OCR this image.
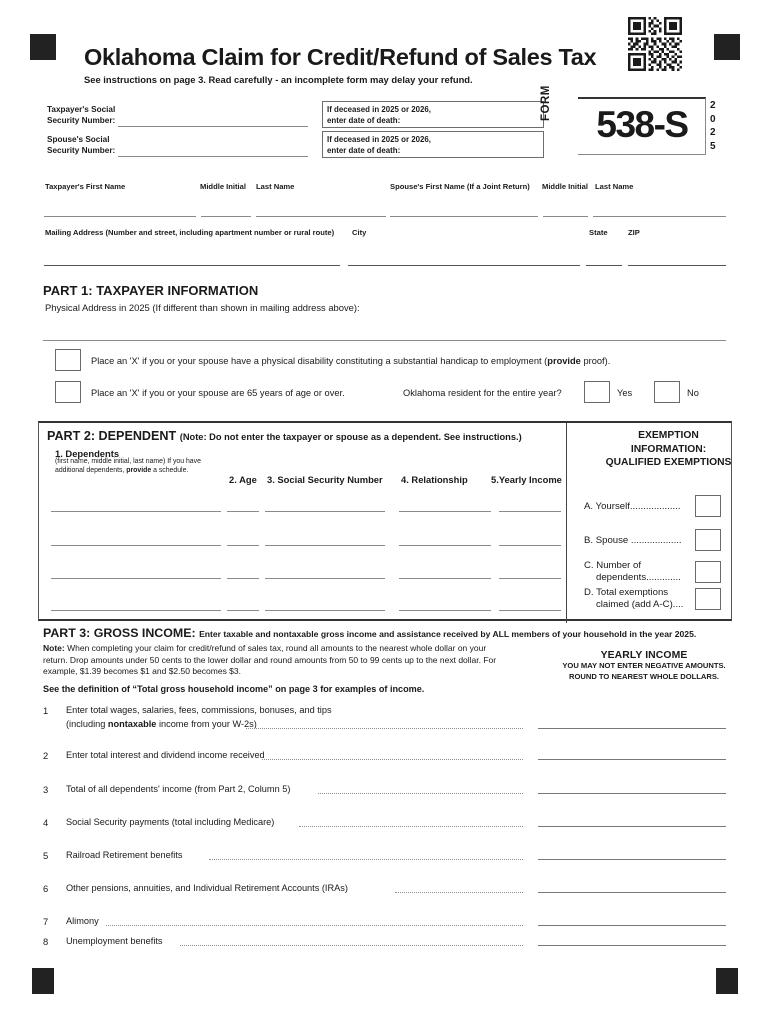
Oklahoma Claim for Credit/Refund of Sales Tax
See instructions on page 3. Read carefully - an incomplete form may delay your refund.
Taxpayer's Social
Security Number:
Spouse's Social
Security Number:
If deceased in 2025 or 2026,
enter date of death:
If deceased in 2025 or 2026,
enter date of death:
FORM
538-S	2
0
2
5
Taxpayer's First Name	Middle Initial Last Name	Spouse's First Name (If a Joint Return) Middle Initial Last Name
Mailing Address (Number and street, including apartment number or rural route) City	State	ZIP
PART 1: TAXPAYER INFORMATION
Physical Address in 2025 (If different than shown in mailing address above):
Place an 'X' if you or your spouse have a physical disability constituting a substantial handicap to employment (provide proof).
Place an 'X' if you or your spouse are 65 years of age or over.	Oklahoma resident for the entire year?	Yes	No
PART 2: DEPENDENT (Note: Do not enter the taxpayer or spouse as a dependent. See instructions.)
1. Dependents
(first name, middle initial, last name) If you have
additional dependents, provide a schedule.
2. Age 3. Social Security Number 4. Relationship 5.Yearly Income
EXEMPTION
INFORMATION:
QUALIFIED EXEMPTIONS
A. Yourself...................
B. Spouse ...................
C. Number of
dependents.............
D. Total exemptions
claimed (add A-C)....
PART 3: GROSS INCOME: Enter taxable and nontaxable gross income and assistance received by ALL members of your household in the year 2025.
Note: When completing your claim for credit/refund of sales tax, round all amounts to the nearest whole dollar on your return. Drop amounts under 50 cents to the lower dollar and round amounts from 50 to 99 cents up to the next dollar. For example, $1.39 becomes $1 and $2.50 becomes $3.
See the definition of “Total gross household income” on page 3 for examples of income.
YEARLY INCOME
YOU MAY NOT ENTER NEGATIVE AMOUNTS.
ROUND TO NEAREST WHOLE DOLLARS.
1	Enter total wages, salaries, fees, commissions, bonuses, and tips
(including nontaxable income from your W-2s)
2	Enter total interest and dividend income received
3	Total of all dependents' income (from Part 2, Column 5)
4	Social Security payments (total including Medicare)
5	Railroad Retirement benefits
6	Other pensions, annuities, and Individual Retirement Accounts (IRAs)
7	Alimony
8	Unemployment benefits
